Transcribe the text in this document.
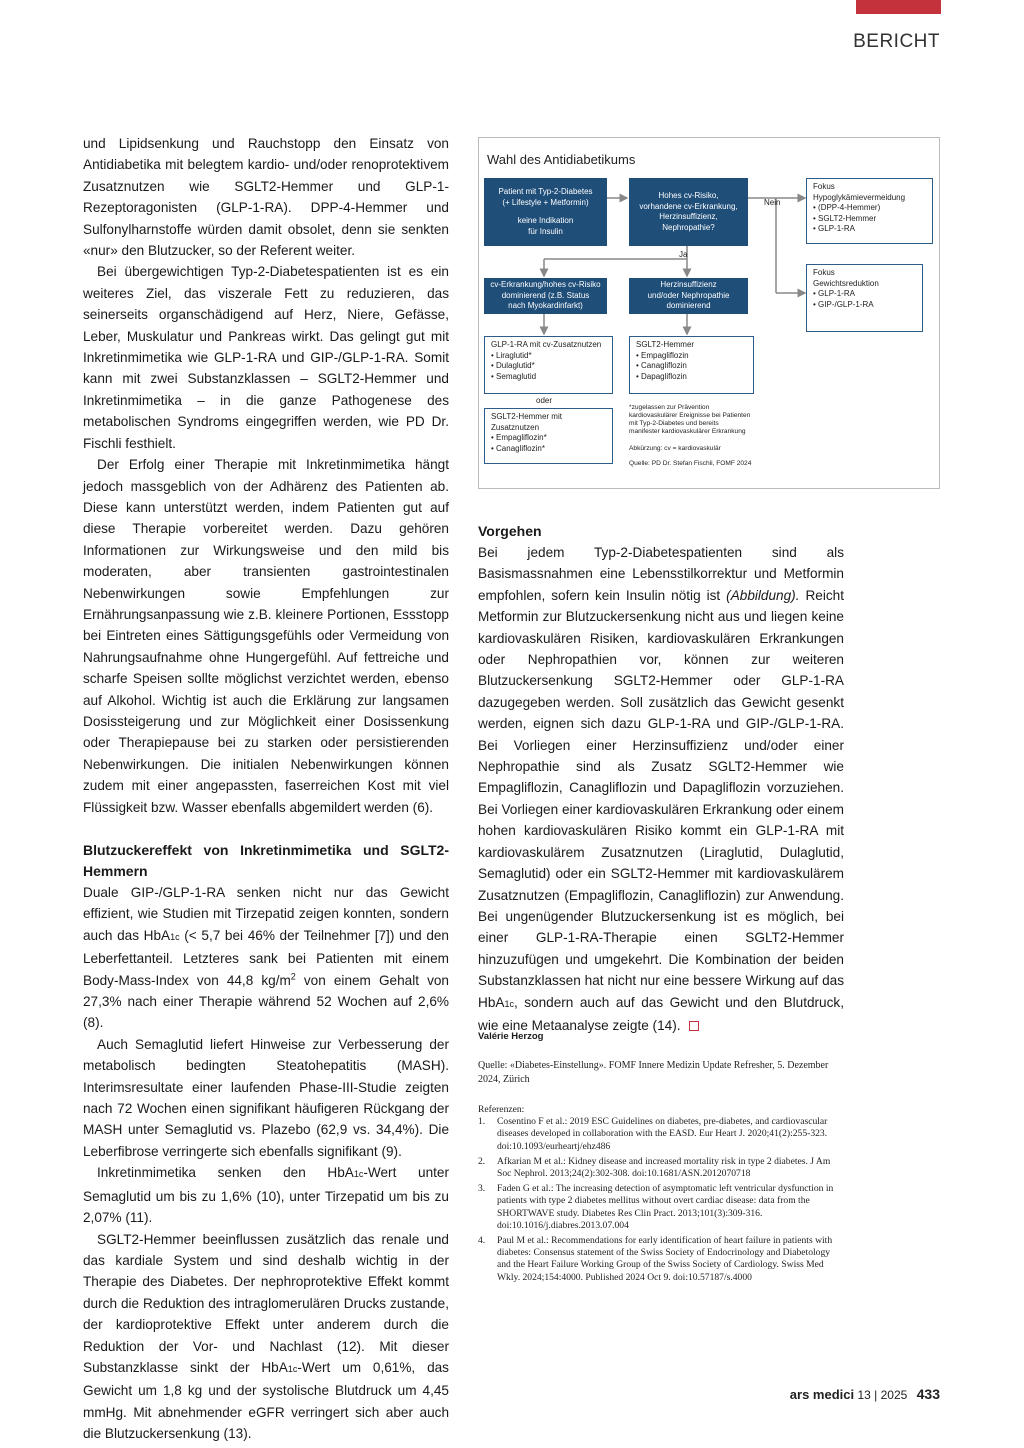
BERICHT

und Lipidsenkung und Rauchstopp den Einsatz von Antidiabetika mit belegtem kardio- und/oder renoprotektivem Zusatznutzen wie SGLT2-Hemmer und GLP-1-Rezeptoragonisten (GLP-1-RA). DPP-4-Hemmer und Sulfonylharnstoffe würden damit obsolet, denn sie senkten «nur» den Blutzucker, so der Referent weiter.

Bei übergewichtigen Typ-2-Diabetespatienten ist es ein weiteres Ziel, das viszerale Fett zu reduzieren, das seinerseits organschädigend auf Herz, Niere, Gefässe, Leber, Muskulatur und Pankreas wirkt. Das gelingt gut mit Inkretinmimetika wie GLP-1-RA und GIP-/GLP-1-RA. Somit kann mit zwei Substanzklassen – SGLT2-Hemmer und Inkretinmimetika – in die ganze Pathogenese des metabolischen Syndroms eingegriffen werden, wie PD Dr. Fischli festhielt.

Der Erfolg einer Therapie mit Inkretinmimetika hängt jedoch massgeblich von der Adhärenz des Patienten ab. Diese kann unterstützt werden, indem Patienten gut auf diese Therapie vorbereitet werden. Dazu gehören Informationen zur Wirkungsweise und den mild bis moderaten, aber transienten gastrointestinalen Nebenwirkungen sowie Empfehlungen zur Ernährungsanpassung wie z.B. kleinere Portionen, Essstopp bei Eintreten eines Sättigungsgefühls oder Vermeidung von Nahrungsaufnahme ohne Hungergefühl. Auf fettreiche und scharfe Speisen sollte möglichst verzichtet werden, ebenso auf Alkohol. Wichtig ist auch die Erklärung zur langsamen Dosissteigerung und zur Möglichkeit einer Dosissenkung oder Therapiepause bei zu starken oder persistierenden Nebenwirkungen. Die initialen Nebenwirkungen können zudem mit einer angepassten, faserreichen Kost mit viel Flüssigkeit bzw. Wasser ebenfalls abgemildert werden (6).

Blutzuckereffekt von Inkretinmimetika und SGLT2-Hemmern

Duale GIP-/GLP-1-RA senken nicht nur das Gewicht effizient, wie Studien mit Tirzepatid zeigen konnten, sondern auch das HbA1c (< 5,7 bei 46% der Teilnehmer [7]) und den Leberfettanteil. Letzteres sank bei Patienten mit einem Body-Mass-Index von 44,8 $kg/m^2$ von einem Gehalt von 27,3% nach einer Therapie während 52 Wochen auf 2,6% (8).

Auch Semaglutid liefert Hinweise zur Verbesserung der metabolisch bedingten Steatohepatitis (MASH). Interimsresultate einer laufenden Phase-III-Studie zeigten nach 72 Wochen einen signifikant häufigeren Rückgang der MASH unter Semaglutid vs. Plazebo (62,9 vs. 34,4%). Die Leberfibrose verringerte sich ebenfalls signifikant (9).

Inkretinmimetika senken den HbA1c-Wert unter Semaglutid um bis zu 1,6% (10), unter Tirzepatid um bis zu 2,07% (11).

SGLT2-Hemmer beeinflussen zusätzlich das renale und das kardiale System und sind deshalb wichtig in der Therapie des Diabetes. Der nephroprotektive Effekt kommt durch die Reduktion des intraglomerulären Drucks zustande, der kardioprotektive Effekt unter anderem durch die Reduktion der Vor- und Nachlast (12). Mit dieser Substanzklasse sinkt der HbA1c-Wert um 0,61%, das Gewicht um 1,8 kg und der systolische Blutdruck um 4,45 mmHg. Mit abnehmender eGFR verringert sich aber auch die Blutzuckersenkung (13).

Wahl des Antidiabetikums
Patient mit Typ-2-Diabetes
(+ Lifestyle + Metformin)
keine Indikation
für Insulin
Hohes cv-Risiko,
vorhandene cv-Erkrankung,
Herzinsuffizienz,
Nephropathie?
Nein
Ja
Fokus
Hypoglykämievermeidung
• (DPP-4-Hemmer)
• SGLT2-Hemmer
• GLP-1-RA
Fokus
Gewichtsreduktion
• GLP-1-RA
• GIP-/GLP-1-RA
cv-Erkrankung/hohes cv-Risiko
dominierend (z.B. Status
nach Myokardinfarkt)
Herzinsuffizienz
und/oder Nephropathie
dominierend
GLP-1-RA mit cv-Zusatznutzen
• Liraglutid*
• Dulaglutid*
• Semaglutid
SGLT2-Hemmer
• Empagliflozin
• Canagliflozin
• Dapagliflozin
oder
SGLT2-Hemmer mit
Zusatznutzen
• Empagliflozin*
• Canagliflozin*
*zugelassen zur Prävention
kardiovaskulärer Ereignisse bei Patienten
mit Typ-2-Diabetes und bereits
manifester kardiovaskulärer Erkrankung
Abkürzung: cv = kardiovaskulär
Quelle: PD Dr. Stefan Fischli, FOMF 2024
Vorgehen

Bei jedem Typ-2-Diabetespatienten sind als Basismassnahmen eine Lebensstilkorrektur und Metformin empfohlen, sofern kein Insulin nötig ist (Abbildung). Reicht Metformin zur Blutzuckersenkung nicht aus und liegen keine kardiovaskulären Risiken, kardiovaskulären Erkrankungen oder Nephropathien vor, können zur weiteren Blutzuckersenkung SGLT2-Hemmer oder GLP-1-RA dazugegeben werden. Soll zusätzlich das Gewicht gesenkt werden, eignen sich dazu GLP-1-RA und GIP-/GLP-1-RA. Bei Vorliegen einer Herzinsuffizienz und/oder einer Nephropathie sind als Zusatz SGLT2-Hemmer wie Empagliflozin, Canagliflozin und Dapagliflozin vorzuziehen. Bei Vorliegen einer kardiovaskulären Erkrankung oder einem hohen kardiovaskulären Risiko kommt ein GLP-1-RA mit kardiovaskulärem Zusatznutzen (Liraglutid, Dulaglutid, Semaglutid) oder ein SGLT2-Hemmer mit kardiovaskulärem Zusatznutzen (Empagliflozin, Canagliflozin) zur Anwendung. Bei ungenügender Blutzuckersenkung ist es möglich, bei einer GLP-1-RA-Therapie einen SGLT2-Hemmer hinzuzufügen und umgekehrt. Die Kombination der beiden Substanzklassen hat nicht nur eine bessere Wirkung auf das HbA1c, sondern auch auf das Gewicht und den Blutdruck, wie eine Metaanalyse zeigte (14).

Valérie Herzog
Quelle: «Diabetes-Einstellung». FOMF Innere Medizin Update Refresher, 5. Dezember 2024, Zürich
Referenzen:
1.	Cosentino F et al.: 2019 ESC Guidelines on diabetes, pre-diabetes, and cardiovascular diseases developed in collaboration with the EASD. Eur Heart J. 2020;41(2):255-323. doi:10.1093/eurheartj/ehz486
2.	Afkarian M et al.: Kidney disease and increased mortality risk in type 2 diabetes. J Am Soc Nephrol. 2013;24(2):302-308. doi:10.1681/ASN.2012070718
3.	Faden G et al.: The increasing detection of asymptomatic left ventricular dysfunction in patients with type 2 diabetes mellitus without overt cardiac disease: data from the SHORTWAVE study. Diabetes Res Clin Pract. 2013;101(3):309-316. doi:10.1016/j.diabres.2013.07.004
4.	Paul M et al.: Recommendations for early identification of heart failure in patients with diabetes: Consensus statement of the Swiss Society of Endocrinology and Diabetology and the Heart Failure Working Group of the Swiss Society of Cardiology. Swiss Med Wkly. 2024;154:4000. Published 2024 Oct 9. doi:10.57187/s.4000
ars medici 13 | 2025 433
